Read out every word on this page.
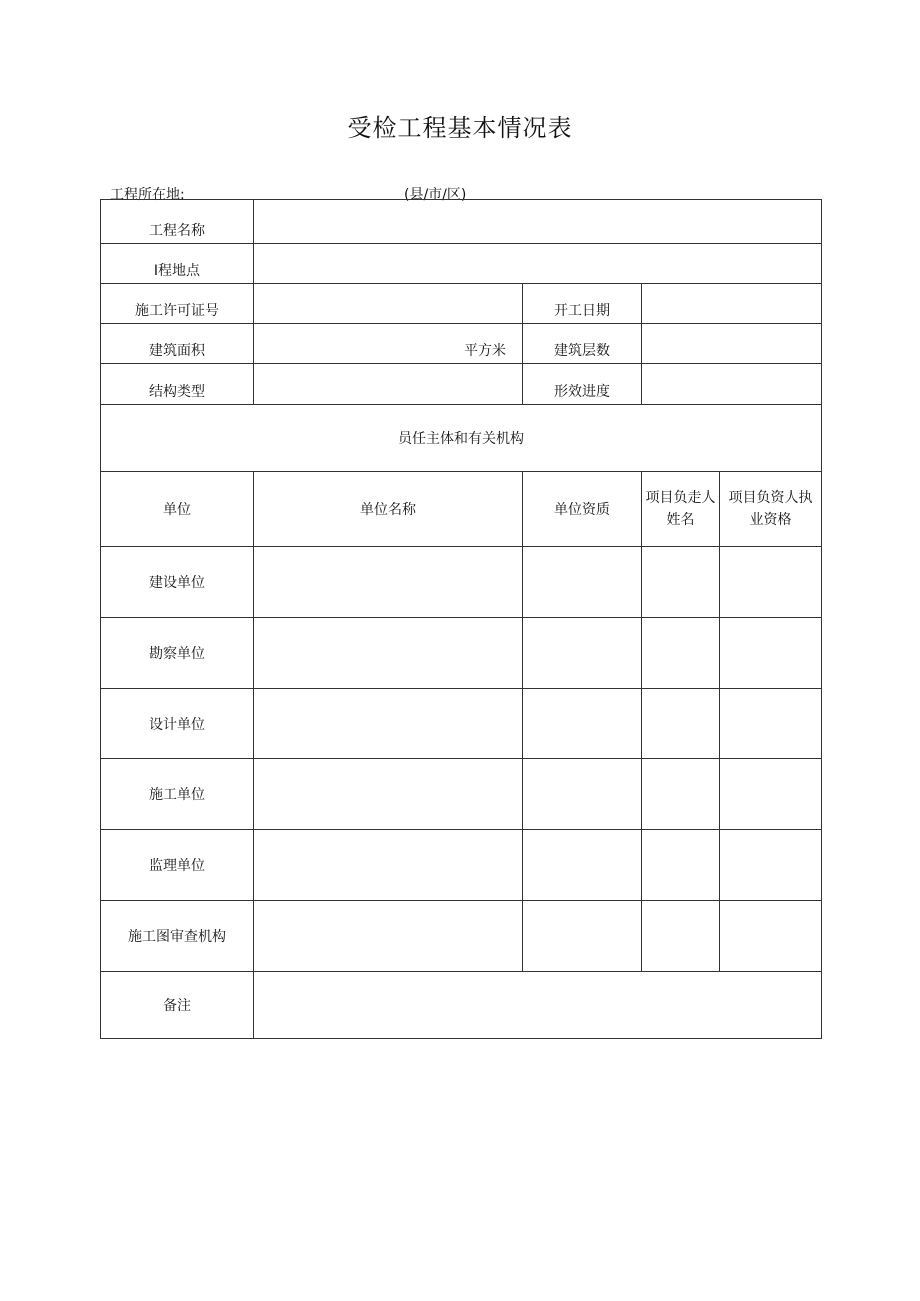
受检工程基本情况表
工程所在地:	(县/市/区)
工程名称				
I程地点				
施工许可证号		开工日期		
建筑面积	平方米	建筑层数		
结构类型		形效进度		
员任主体和有关机构				
单位	单位名称	单位资质	项目负走人姓名	项目负资人执业资格
建设单位				
勘察单位				
设计单位				
施工单位				
监理单位				
施工图审查机构				
备注				
